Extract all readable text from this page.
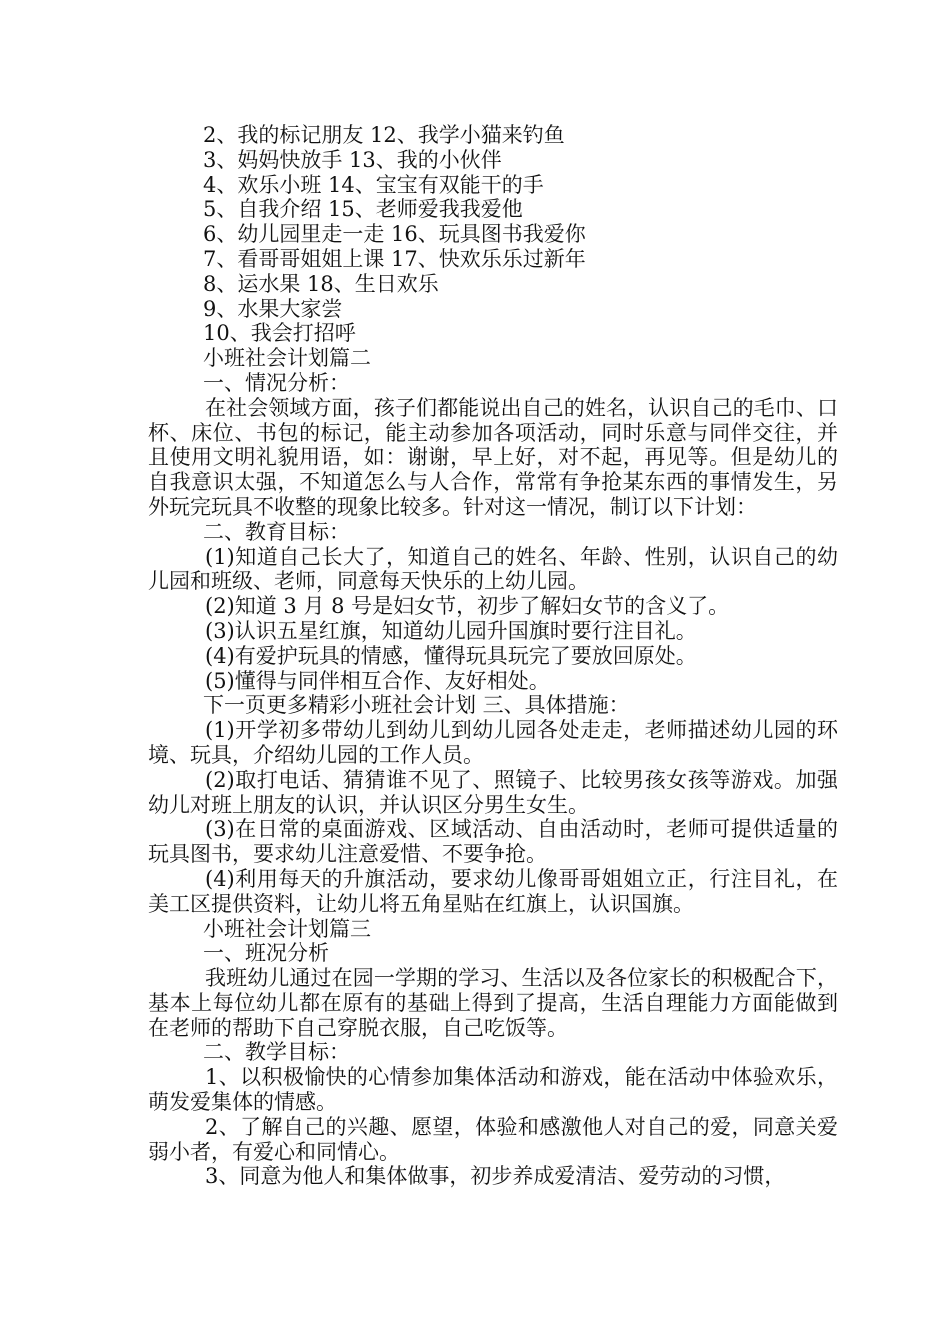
2、我的标记朋友 12、我学小猫来钓鱼

3、妈妈快放手 13、我的小伙伴

4、欢乐小班 14、宝宝有双能干的手

5、自我介绍 15、老师爱我我爱他

6、幼儿园里走一走 16、玩具图书我爱你

7、看哥哥姐姐上课 17、快欢乐乐过新年

8、运水果 18、生日欢乐

9、水果大家尝

10、我会打招呼

小班社会计划篇二

一、情况分析：

在社会领域方面，孩子们都能说出自己的姓名，认识自己的毛巾、口杯、床位、书包的标记，能主动参加各项活动，同时乐意与同伴交往，并且使用文明礼貌用语，如：谢谢，早上好，对不起，再见等。但是幼儿的自我意识太强，不知道怎么与人合作，常常有争抢某东西的事情发生，另外玩完玩具不收整的现象比较多。针对这一情况，制订以下计划：

二、教育目标：

(1)知道自己长大了，知道自己的姓名、年龄、性别，认识自己的幼儿园和班级、老师，同意每天快乐的上幼儿园。

(2)知道 3 月 8 号是妇女节，初步了解妇女节的含义了。

(3)认识五星红旗，知道幼儿园升国旗时要行注目礼。

(4)有爱护玩具的情感，懂得玩具玩完了要放回原处。

(5)懂得与同伴相互合作、友好相处。

下一页更多精彩小班社会计划 三、具体措施：

(1)开学初多带幼儿到幼儿到幼儿园各处走走，老师描述幼儿园的环境、玩具，介绍幼儿园的工作人员。

(2)取打电话、猜猜谁不见了、照镜子、比较男孩女孩等游戏。加强幼儿对班上朋友的认识，并认识区分男生女生。

(3)在日常的桌面游戏、区域活动、自由活动时，老师可提供适量的玩具图书，要求幼儿注意爱惜、不要争抢。

(4)利用每天的升旗活动，要求幼儿像哥哥姐姐立正，行注目礼，在美工区提供资料，让幼儿将五角星贴在红旗上，认识国旗。

小班社会计划篇三

一、班况分析

我班幼儿通过在园一学期的学习、生活以及各位家长的积极配合下，基本上每位幼儿都在原有的基础上得到了提高，生活自理能力方面能做到在老师的帮助下自己穿脱衣服，自己吃饭等。

二、教学目标：

1、以积极愉快的心情参加集体活动和游戏，能在活动中体验欢乐，萌发爱集体的情感。

2、了解自己的兴趣、愿望，体验和感激他人对自己的爱，同意关爱弱小者，有爱心和同情心。

3、同意为他人和集体做事，初步养成爱清洁、爱劳动的习惯，
